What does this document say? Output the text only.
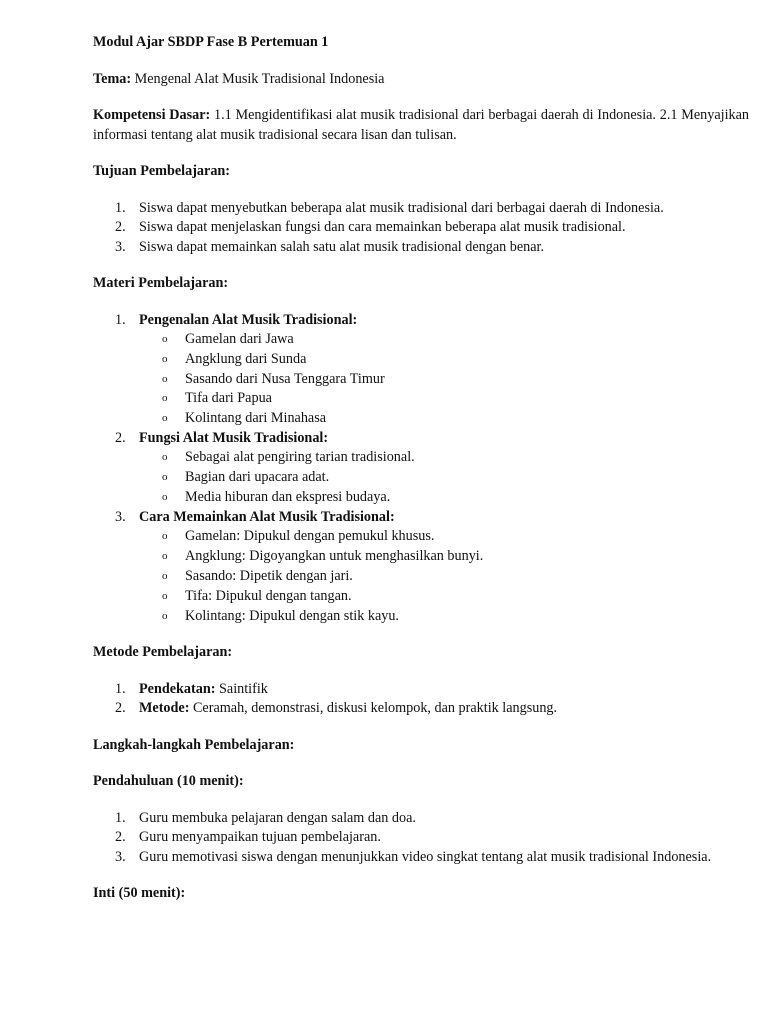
Modul Ajar SBDP Fase B Pertemuan 1

Tema: Mengenal Alat Musik Tradisional Indonesia

Kompetensi Dasar: 1.1 Mengidentifikasi alat musik tradisional dari berbagai daerah di Indonesia. 2.1 Menyajikan informasi tentang alat musik tradisional secara lisan dan tulisan.

Tujuan Pembelajaran:

1. Siswa dapat menyebutkan beberapa alat musik tradisional dari berbagai daerah di Indonesia.
2. Siswa dapat menjelaskan fungsi dan cara memainkan beberapa alat musik tradisional.
3. Siswa dapat memainkan salah satu alat musik tradisional dengan benar.

Materi Pembelajaran:

1. Pengenalan Alat Musik Tradisional:
o Gamelan dari Jawa
o Angklung dari Sunda
o Sasando dari Nusa Tenggara Timur
o Tifa dari Papua
o Kolintang dari Minahasa
2. Fungsi Alat Musik Tradisional:
o Sebagai alat pengiring tarian tradisional.
o Bagian dari upacara adat.
o Media hiburan dan ekspresi budaya.
3. Cara Memainkan Alat Musik Tradisional:
o Gamelan: Dipukul dengan pemukul khusus.
o Angklung: Digoyangkan untuk menghasilkan bunyi.
o Sasando: Dipetik dengan jari.
o Tifa: Dipukul dengan tangan.
o Kolintang: Dipukul dengan stik kayu.

Metode Pembelajaran:

1. Pendekatan: Saintifik
2. Metode: Ceramah, demonstrasi, diskusi kelompok, dan praktik langsung.

Langkah-langkah Pembelajaran:

Pendahuluan (10 menit):

1. Guru membuka pelajaran dengan salam dan doa.
2. Guru menyampaikan tujuan pembelajaran.
3. Guru memotivasi siswa dengan menunjukkan video singkat tentang alat musik tradisional Indonesia.

Inti (50 menit):
